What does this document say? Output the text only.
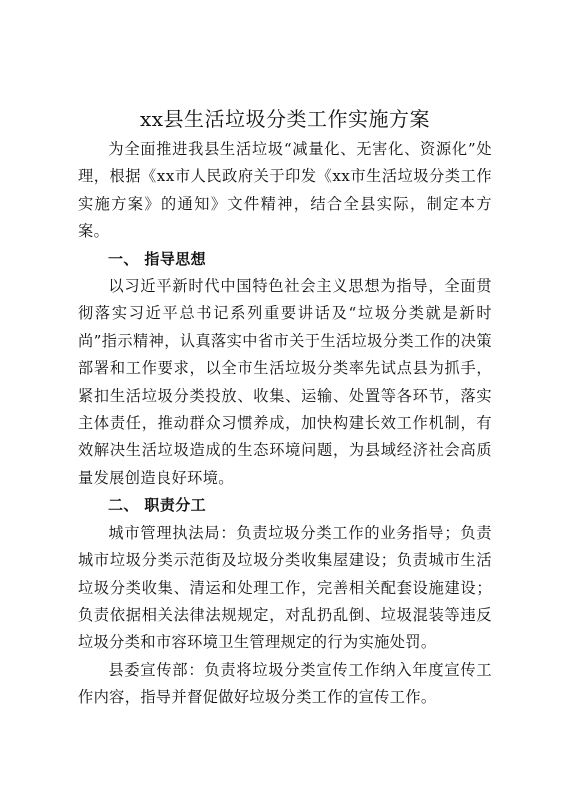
xx县生活垃圾分类工作实施方案

为全面推进我县生活垃圾“减量化、无害化、资源化”处理，根据《xx市人民政府关于印发《xx市生活垃圾分类工作实施方案》的通知》文件精神，结合全县实际，制定本方案。

一、 指导思想

以习近平新时代中国特色社会主义思想为指导，全面贯彻落实习近平总书记系列重要讲话及“垃圾分类就是新时尚”指示精神，认真落实中省市关于生活垃圾分类工作的决策部署和工作要求，以全市生活垃圾分类率先试点县为抓手，紧扣生活垃圾分类投放、收集、运输、处置等各环节，落实主体责任，推动群众习惯养成，加快构建长效工作机制，有效解决生活垃圾造成的生态环境问题，为县域经济社会高质量发展创造良好环境。

二、 职责分工

城市管理执法局：负责垃圾分类工作的业务指导；负责城市垃圾分类示范街及垃圾分类收集屋建设；负责城市生活垃圾分类收集、清运和处理工作，完善相关配套设施建设；负责依据相关法律法规规定，对乱扔乱倒、垃圾混装等违反垃圾分类和市容环境卫生管理规定的行为实施处罚。

县委宣传部：负责将垃圾分类宣传工作纳入年度宣传工作内容，指导并督促做好垃圾分类工作的宣传工作。
